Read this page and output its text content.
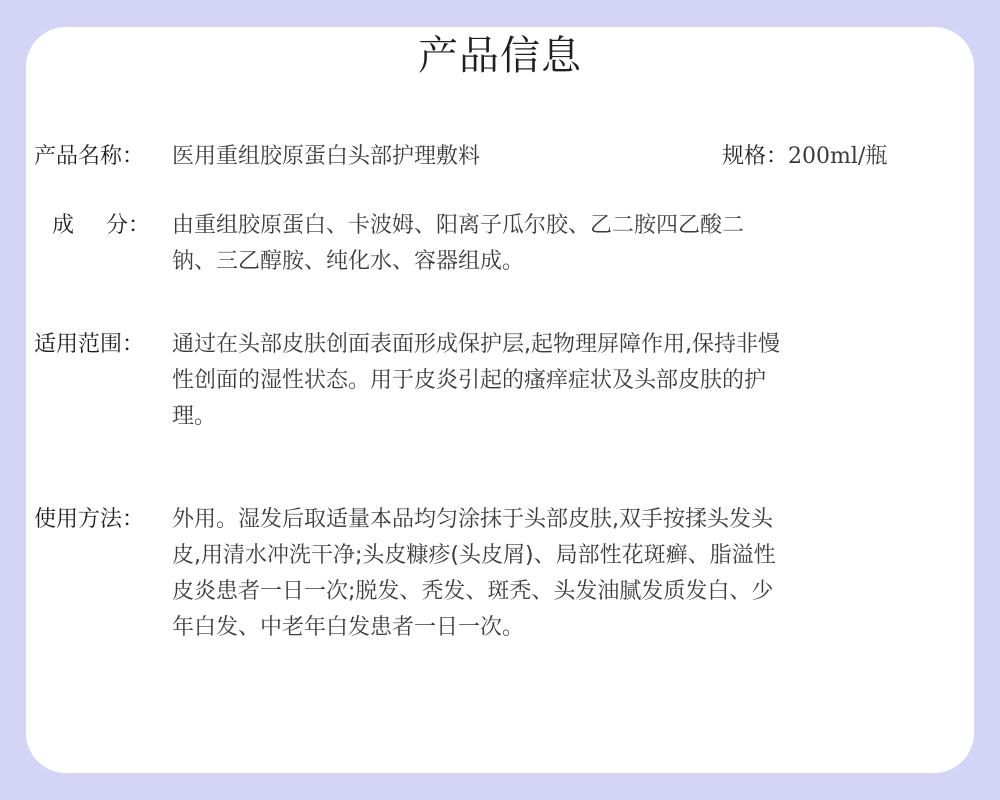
产品信息
产品名称： 医用重组胶原蛋白头部护理敷料	规格：200ml/瓶
成 分： 由重组胶原蛋白、卡波姆、阳离子瓜尔胶、乙二胺四乙酸二
钠、三乙醇胺、纯化水、容器组成。
适用范围： 通过在头部皮肤创面表面形成保护层,起物理屏障作用,保持非慢
性创面的湿性状态。用于皮炎引起的瘙痒症状及头部皮肤的护
理。
使用方法： 外用。湿发后取适量本品均匀涂抹于头部皮肤,双手按揉头发头
皮,用清水冲洗干净;头皮糠疹(头皮屑)、局部性花斑癣、脂溢性
皮炎患者一日一次;脱发、秃发、斑秃、头发油腻发质发白、少
年白发、中老年白发患者一日一次。
